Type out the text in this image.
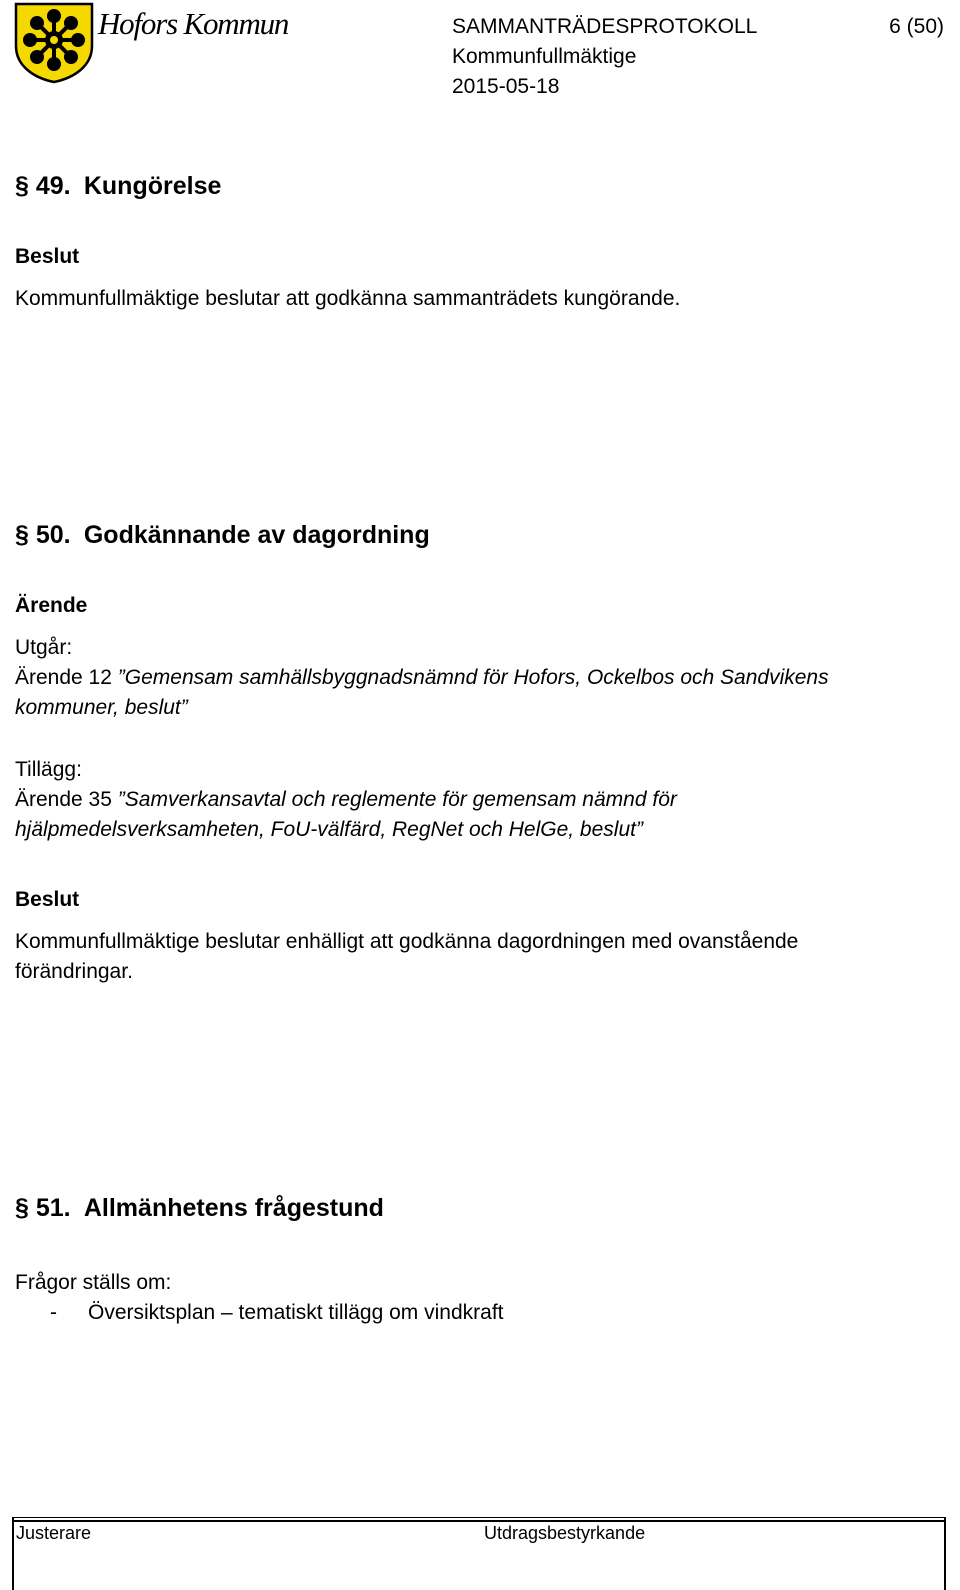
Hofors Kommun	SAMMANTRÄDESPROTOKOLL	6 (50)
Kommunfullmäktige
2015-05-18
§ 49. Kungörelse
Beslut
Kommunfullmäktige beslutar att godkänna sammanträdets kungörande.
§ 50. Godkännande av dagordning
Ärende
Utgår:
Ärende 12 ”Gemensam samhällsbyggnadsnämnd för Hofors, Ockelbos och Sandvikens
kommuner, beslut”
Tillägg:
Ärende 35 ”Samverkansavtal och reglemente för gemensam nämnd för
hjälpmedelsverksamheten, FoU-välfärd, RegNet och HelGe, beslut”
Beslut
Kommunfullmäktige beslutar enhälligt att godkänna dagordningen med ovanstående
förändringar.
§ 51. Allmänhetens frågestund
Frågor ställs om:
- Översiktsplan – tematiskt tillägg om vindkraft
Justerare	Utdragsbestyrkande
